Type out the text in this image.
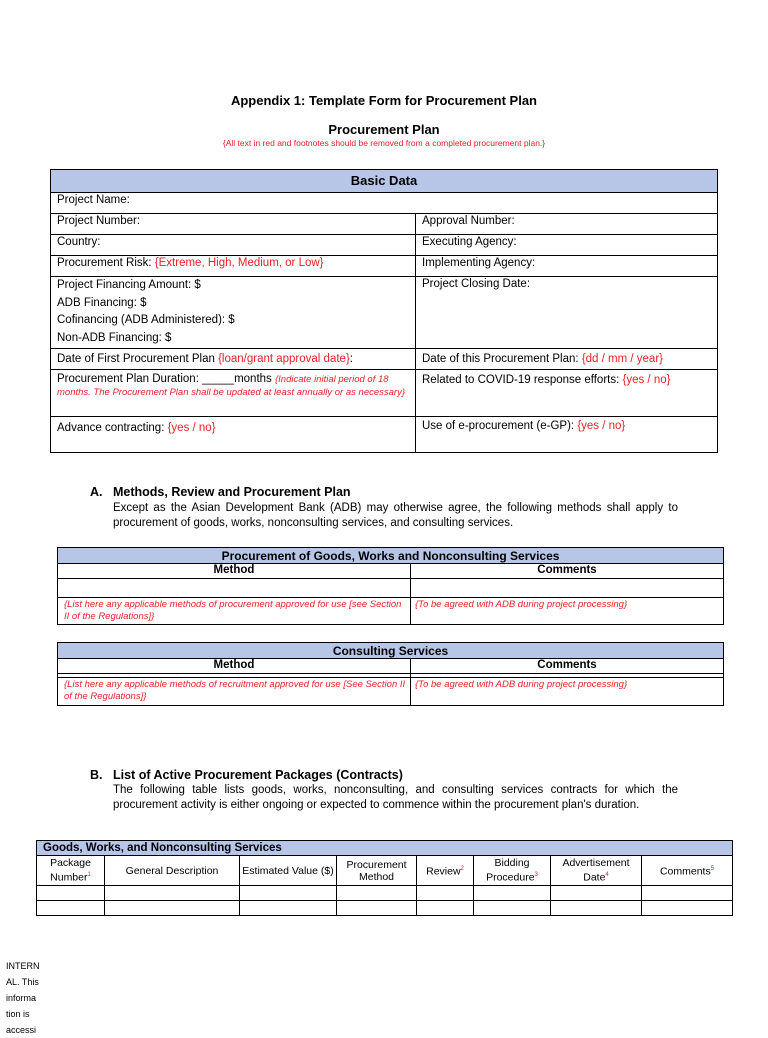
Appendix 1: Template Form for Procurement Plan
Procurement Plan
{All text in red and footnotes should be removed from a completed procurement plan.}
Basic Data	
Project Name:	
Project Number:	Approval Number:
Country:	Executing Agency:
Procurement Risk: {Extreme, High, Medium, or Low}	Implementing Agency:

Project Financing Amount: $
ADB Financing: $
Cofinancing (ADB Administered): $
Non-ADB Financing: $	Project Closing Date:
Date of First Procurement Plan {loan/grant approval date}:	Date of this Procurement Plan: {dd / mm / year}
Procurement Plan Duration: _____months {Indicate initial period of 18 months. The Procurement Plan shall be updated at least annually or as necessary}	Related to COVID-19 response efforts: {yes / no}
Advance contracting: {yes / no}	Use of e-procurement (e-GP): {yes / no}
A. Methods, Review and Procurement Plan
Except as the Asian Development Bank (ADB) may otherwise agree, the following methods shall apply to procurement of goods, works, nonconsulting services, and consulting services.
Procurement of Goods, Works and Nonconsulting Services	
Method	Comments

{List here any applicable methods of procurement approved for use [see Section II of the Regulations]}	{To be agreed with ADB during project processing}
Consulting Services	
Method	Comments

{List here any applicable methods of recruitment approved for use [See Section II of the Regulations]}	{To be agreed with ADB during project processing}
B. List of Active Procurement Packages (Contracts)
The following table lists goods, works, nonconsulting, and consulting services contracts for which the procurement activity is either ongoing or expected to commence within the procurement plan's duration.
Goods, Works, and Nonconsulting Services							
Package Number$^1$	General Description	Estimated Value ($)	Procurement Method	Review$^2$	Bidding Procedure$^3$	Advertisement Date$^4$	Comments$^5$

INTERN AL. This informa tion is accessi
